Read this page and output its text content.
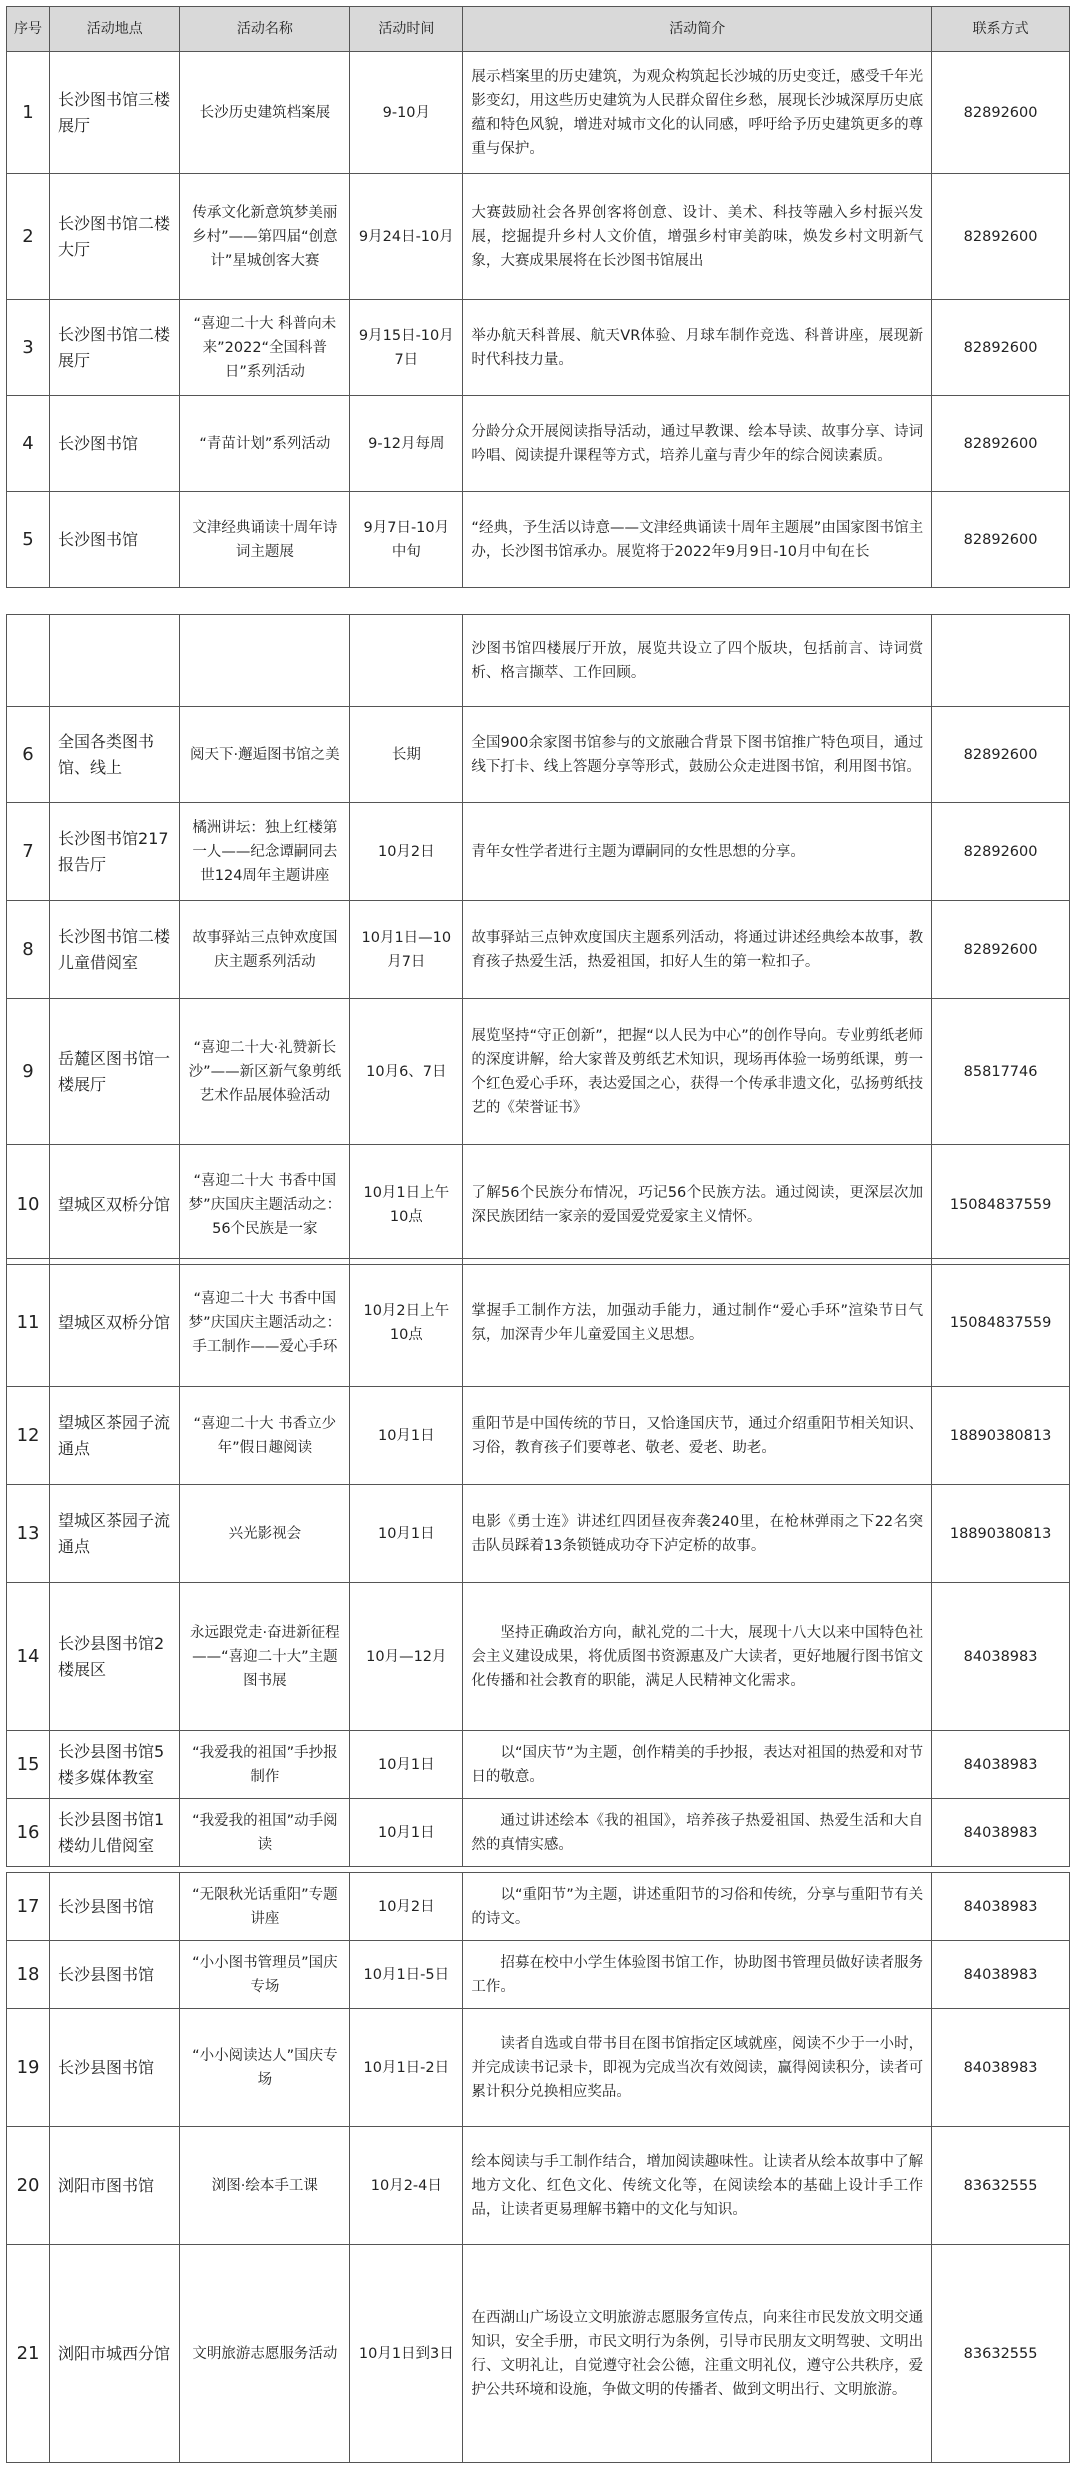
序号	活动地点	活动名称	活动时间	活动简介	联系方式
1	长沙图书馆三楼展厅	长沙历史建筑档案展	9-10月	展示档案里的历史建筑，为观众构筑起长沙城的历史变迁，感受千年光影变幻，用这些历史建筑为人民群众留住乡愁，展现长沙城深厚历史底蕴和特色风貌，增进对城市文化的认同感，呼吁给予历史建筑更多的尊重与保护。	82892600
2	长沙图书馆二楼大厅	传承文化新意筑梦美丽乡村”——第四届“创意计”星城创客大赛	9月24日-10月	大赛鼓励社会各界创客将创意、设计、美术、科技等融入乡村振兴发展，挖掘提升乡村人文价值，增强乡村审美韵味，焕发乡村文明新气象，大赛成果展将在长沙图书馆展出	82892600
3	长沙图书馆二楼展厅	“喜迎二十大 科普向未来”2022“全国科普日”系列活动	9月15日-10月7日	举办航天科普展、航天VR体验、月球车制作竞选、科普讲座，展现新时代科技力量。	82892600
4	长沙图书馆	“青苗计划”系列活动	9-12月每周	分龄分众开展阅读指导活动，通过早教课、绘本导读、故事分享、诗词吟唱、阅读提升课程等方式，培养儿童与青少年的综合阅读素质。	82892600
5	长沙图书馆	文津经典诵读十周年诗词主题展	9月7日-10月中旬	“经典，予生活以诗意——文津经典诵读十周年主题展”由国家图书馆主办，长沙图书馆承办。展览将于2022年9月9日-10月中旬在长	82892600
				沙图书馆四楼展厅开放，展览共设立了四个版块，包括前言、诗词赏析、格言撷萃、工作回顾。	
6	全国各类图书馆、线上	阅天下·邂逅图书馆之美	长期	全国900余家图书馆参与的文旅融合背景下图书馆推广特色项目，通过线下打卡、线上答题分享等形式，鼓励公众走进图书馆，利用图书馆。	82892600
7	长沙图书馆217报告厅	橘洲讲坛：独上红楼第一人——纪念谭嗣同去世124周年主题讲座	10月2日	青年女性学者进行主题为谭嗣同的女性思想的分享。	82892600
8	长沙图书馆二楼儿童借阅室	故事驿站三点钟欢度国庆主题系列活动	10月1日—10月7日	故事驿站三点钟欢度国庆主题系列活动，将通过讲述经典绘本故事，教育孩子热爱生活，热爱祖国，扣好人生的第一粒扣子。	82892600
9	岳麓区图书馆一楼展厅	“喜迎二十大·礼赞新长沙”——新区新气象剪纸艺术作品展体验活动	10月6、7日	展览坚持“守正创新”，把握“以人民为中心”的创作导向。专业剪纸老师的深度讲解，给大家普及剪纸艺术知识，现场再体验一场剪纸课，剪一个红色爱心手环，表达爱国之心，获得一个传承非遗文化，弘扬剪纸技艺的《荣誉证书》	85817746
10	望城区双桥分馆	“喜迎二十大 书香中国梦”庆国庆主题活动之：56个民族是一家	10月1日上午10点	了解56个民族分布情况，巧记56个民族方法。通过阅读，更深层次加深民族团结一家亲的爱国爱党爱家主义情怀。	15084837559
11	望城区双桥分馆	“喜迎二十大 书香中国梦”庆国庆主题活动之：手工制作——爱心手环	10月2日上午10点	掌握手工制作方法，加强动手能力，通过制作“爱心手环”渲染节日气氛，加深青少年儿童爱国主义思想。	15084837559
12	望城区茶园子流通点	“喜迎二十大 书香立少年”假日趣阅读	10月1日	重阳节是中国传统的节日，又恰逢国庆节，通过介绍重阳节相关知识、习俗，教育孩子们要尊老、敬老、爱老、助老。	18890380813
13	望城区茶园子流通点	兴光影视会	10月1日	电影《勇士连》讲述红四团昼夜奔袭240里，在枪林弹雨之下22名突击队员踩着13条锁链成功夺下泸定桥的故事。	18890380813
14	长沙县图书馆2楼展区	永远跟党走·奋进新征程——“喜迎二十大”主题图书展	10月—12月	坚持正确政治方向，献礼党的二十大，展现十八大以来中国特色社会主义建设成果，将优质图书资源惠及广大读者，更好地履行图书馆文化传播和社会教育的职能，满足人民精神文化需求。	84038983
15	长沙县图书馆5楼多媒体教室	“我爱我的祖国”手抄报制作	10月1日	以“国庆节”为主题，创作精美的手抄报，表达对祖国的热爱和对节日的敬意。	84038983
16	长沙县图书馆1楼幼儿借阅室	“我爱我的祖国”动手阅读	10月1日	通过讲述绘本《我的祖国》，培养孩子热爱祖国、热爱生活和大自然的真情实感。	84038983
17	长沙县图书馆	“无限秋光话重阳”专题讲座	10月2日	以“重阳节”为主题，讲述重阳节的习俗和传统，分享与重阳节有关的诗文。	84038983
18	长沙县图书馆	“小小图书管理员”国庆专场	10月1日-5日	招募在校中小学生体验图书馆工作，协助图书管理员做好读者服务工作。	84038983
19	长沙县图书馆	“小小阅读达人”国庆专场	10月1日-2日	读者自选或自带书目在图书馆指定区域就座，阅读不少于一小时，并完成读书记录卡，即视为完成当次有效阅读，赢得阅读积分，读者可累计积分兑换相应奖品。	84038983
20	浏阳市图书馆	浏图·绘本手工课	10月2-4日	绘本阅读与手工制作结合，增加阅读趣味性。让读者从绘本故事中了解地方文化、红色文化、传统文化等，在阅读绘本的基础上设计手工作品，让读者更易理解书籍中的文化与知识。	83632555
21	浏阳市城西分馆	文明旅游志愿服务活动	10月1日到3日	在西湖山广场设立文明旅游志愿服务宣传点，向来往市民发放文明交通知识，安全手册，市民文明行为条例，引导市民朋友文明驾驶、文明出行、文明礼让，自觉遵守社会公德，注重文明礼仪，遵守公共秩序，爱护公共环境和设施，争做文明的传播者、做到文明出行、文明旅游。	83632555
